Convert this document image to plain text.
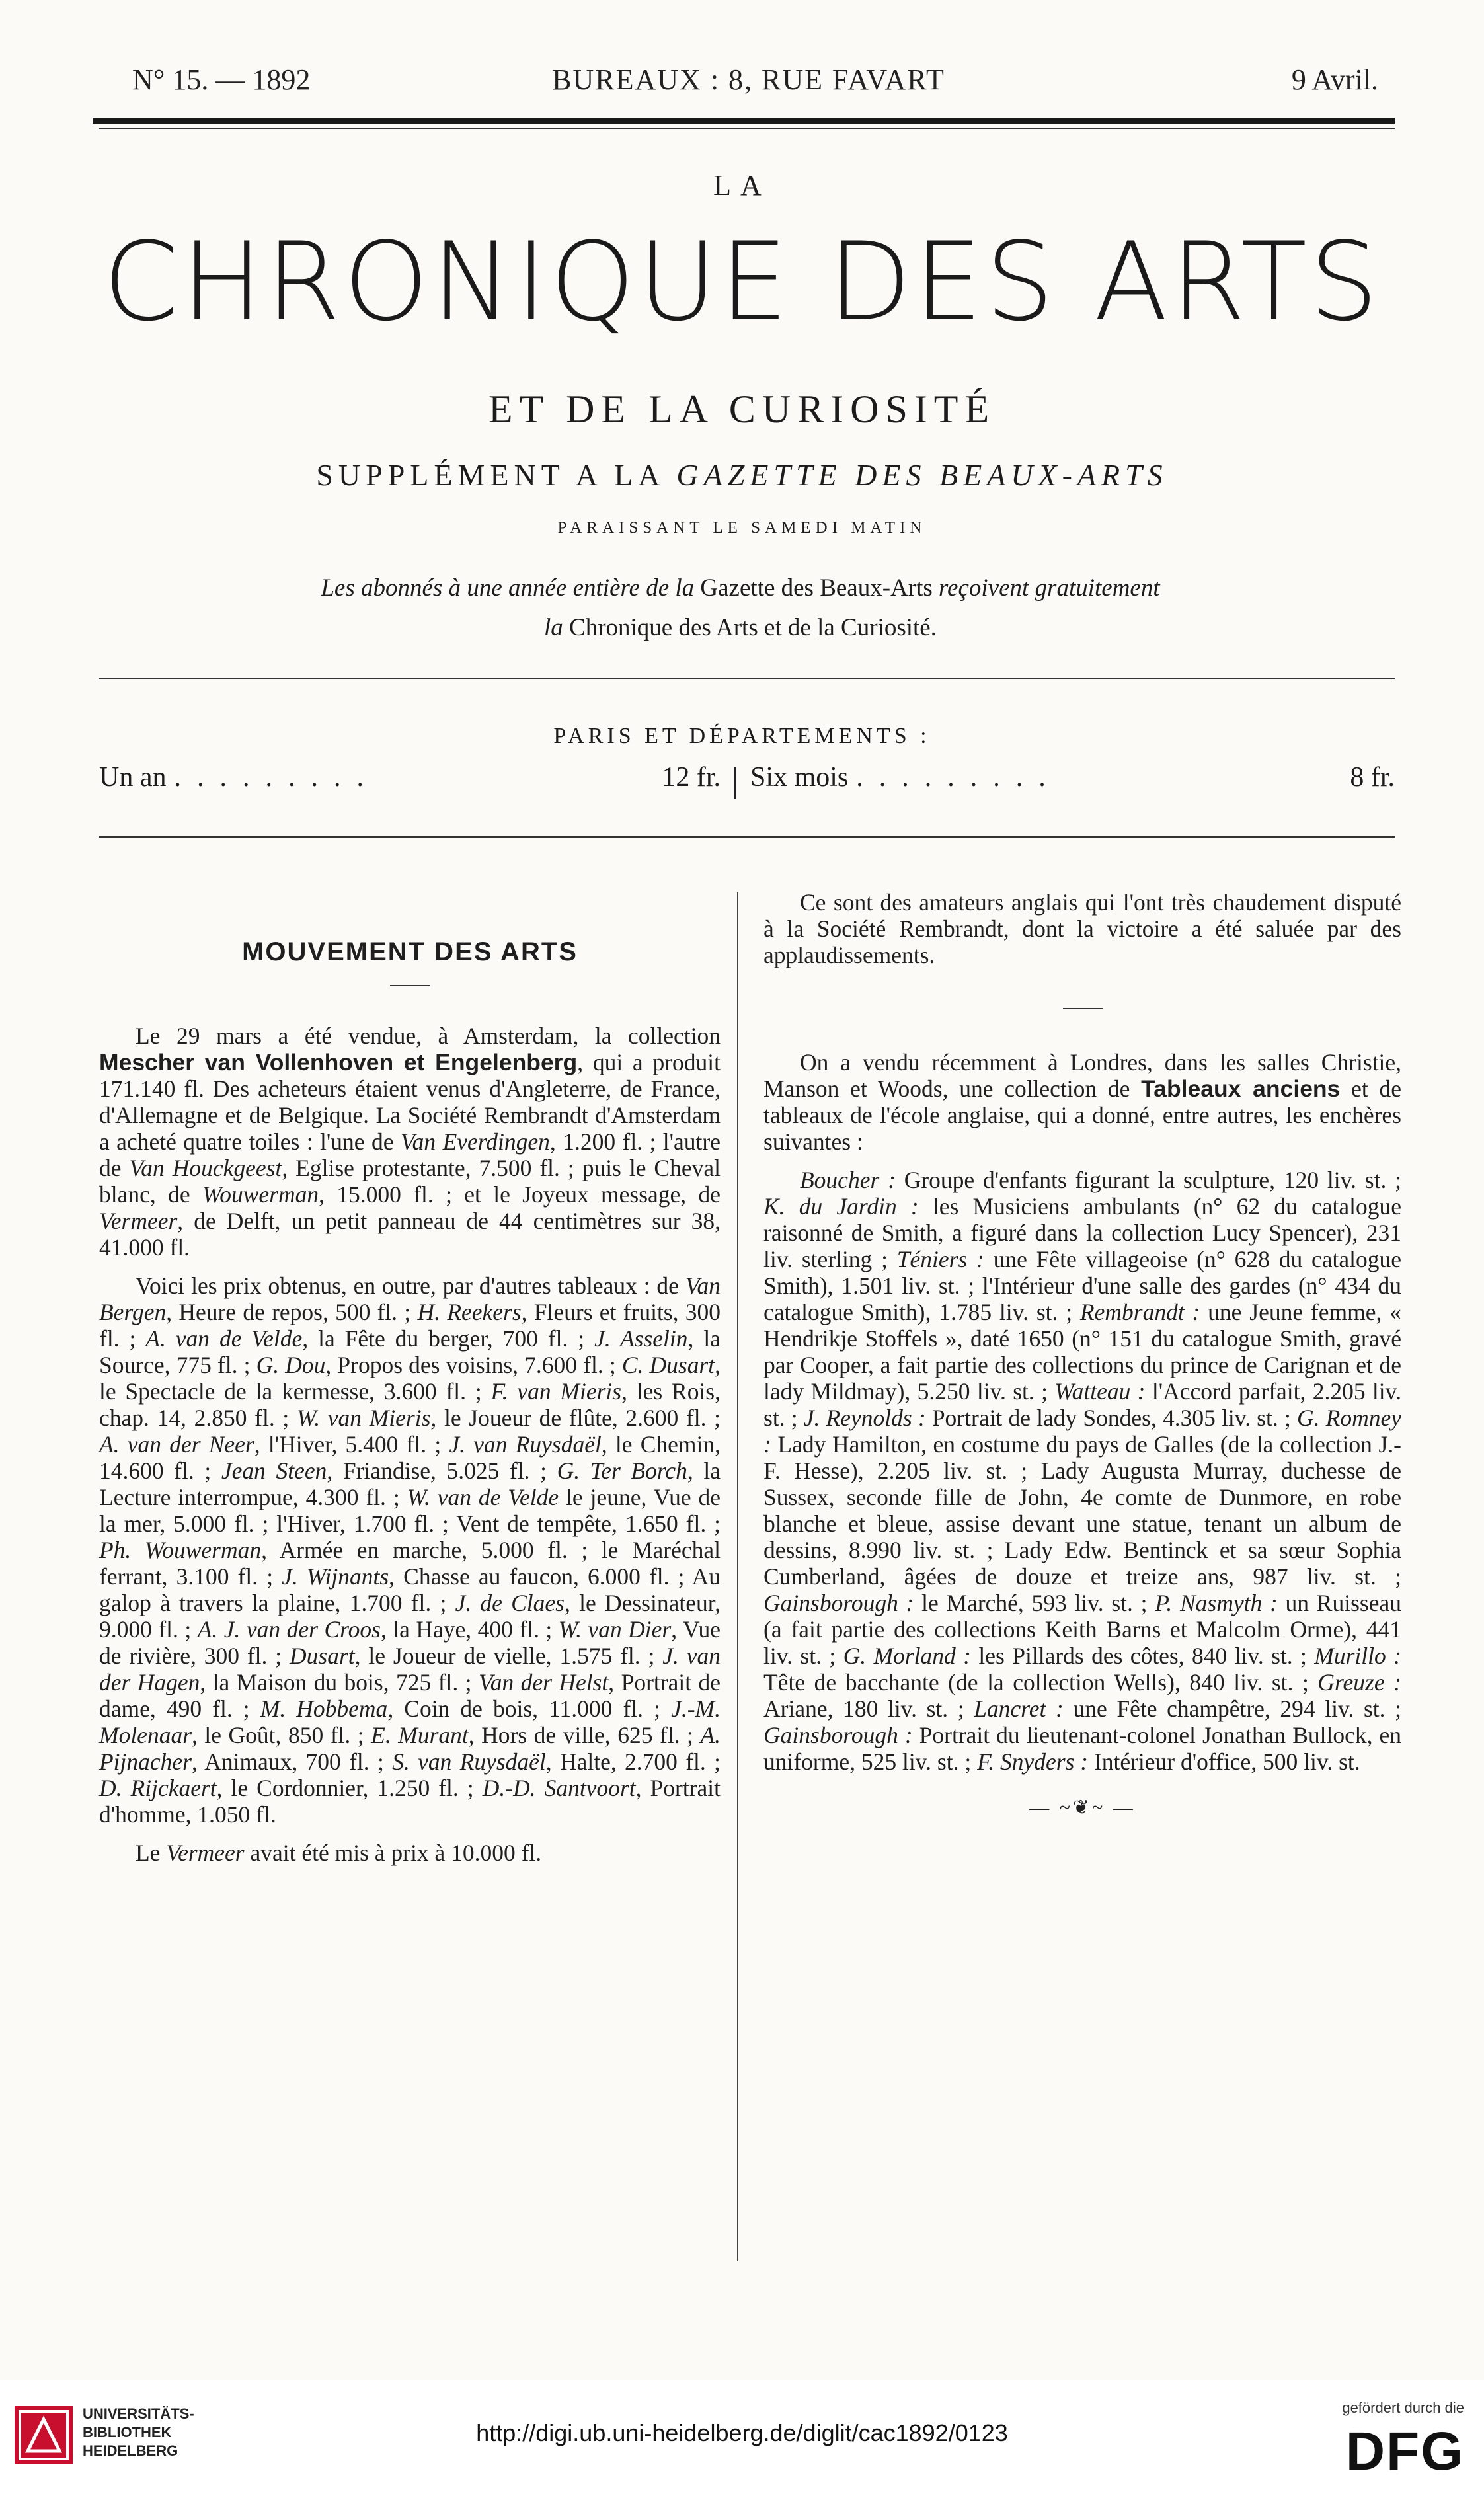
N° 15. — 1892	BUREAUX : 8, RUE FAVART	9 Avril.
LA
CHRONIQUE DES ARTS
ET DE LA CURIOSITÉ
SUPPLÉMENT A LA GAZETTE DES BEAUX-ARTS
PARAISSANT LE SAMEDI MATIN
Les abonnés à une année entière de la Gazette des Beaux-Arts reçoivent gratuitement
la Chronique des Arts et de la Curiosité.
PARIS ET DÉPARTEMENTS :
Un an .........	12 fr. Six mois .........	8 fr.
MOUVEMENT DES ARTS

Le 29 mars a été vendue, à Amsterdam, la collection Mescher van Vollenhoven et Engelenberg, qui a produit 171.140 fl. Des acheteurs étaient venus d'Angleterre, de France, d'Allemagne et de Belgique. La Société Rembrandt d'Amsterdam a acheté quatre toiles : l'une de Van Everdingen, 1.200 fl. ; l'autre de Van Houckgeest, Eglise protestante, 7.500 fl. ; puis le Cheval blanc, de Wouwerman, 15.000 fl. ; et le Joyeux message, de Vermeer, de Delft, un petit panneau de 44 centimètres sur 38, 41.000 fl.

Voici les prix obtenus, en outre, par d'autres tableaux : de Van Bergen, Heure de repos, 500 fl. ; H. Reekers, Fleurs et fruits, 300 fl. ; A. van de Velde, la Fête du berger, 700 fl. ; J. Asselin, la Source, 775 fl. ; G. Dou, Propos des voisins, 7.600 fl. ; C. Dusart, le Spectacle de la kermesse, 3.600 fl. ; F. van Mieris, les Rois, chap. 14, 2.850 fl. ; W. van Mieris, le Joueur de flûte, 2.600 fl. ; A. van der Neer, l'Hiver, 5.400 fl. ; J. van Ruysdaël, le Chemin, 14.600 fl. ; Jean Steen, Friandise, 5.025 fl. ; G. Ter Borch, la Lecture interrompue, 4.300 fl. ; W. van de Velde le jeune, Vue de la mer, 5.000 fl. ; l'Hiver, 1.700 fl. ; Vent de tempête, 1.650 fl. ; Ph. Wouwerman, Armée en marche, 5.000 fl. ; le Maréchal ferrant, 3.100 fl. ; J. Wijnants, Chasse au faucon, 6.000 fl. ; Au galop à travers la plaine, 1.700 fl. ; J. de Claes, le Dessinateur, 9.000 fl. ; A. J. van der Croos, la Haye, 400 fl. ; W. van Dier, Vue de rivière, 300 fl. ; Dusart, le Joueur de vielle, 1.575 fl. ; J. van der Hagen, la Maison du bois, 725 fl. ; Van der Helst, Portrait de dame, 490 fl. ; M. Hobbema, Coin de bois, 11.000 fl. ; J.-M. Molenaar, le Goût, 850 fl. ; E. Murant, Hors de ville, 625 fl. ; A. Pijnacher, Animaux, 700 fl. ; S. van Ruysdaël, Halte, 2.700 fl. ; D. Rijckaert, le Cordonnier, 1.250 fl. ; D.-D. Santvoort, Portrait d'homme, 1.050 fl.

Le Vermeer avait été mis à prix à 10.000 fl.

Ce sont des amateurs anglais qui l'ont très chaudement disputé à la Société Rembrandt, dont la victoire a été saluée par des applaudissements.

On a vendu récemment à Londres, dans les salles Christie, Manson et Woods, une collection de Tableaux anciens et de tableaux de l'école anglaise, qui a donné, entre autres, les enchères suivantes :

Boucher : Groupe d'enfants figurant la sculpture, 120 liv. st. ; K. du Jardin : les Musiciens ambulants (n° 62 du catalogue raisonné de Smith, a figuré dans la collection Lucy Spencer), 231 liv. sterling ; Téniers : une Fête villageoise (n° 628 du catalogue Smith), 1.501 liv. st. ; l'Intérieur d'une salle des gardes (n° 434 du catalogue Smith), 1.785 liv. st. ; Rembrandt : une Jeune femme, « Hendrikje Stoffels », daté 1650 (n° 151 du catalogue Smith, gravé par Cooper, a fait partie des collections du prince de Carignan et de lady Mildmay), 5.250 liv. st. ; Watteau : l'Accord parfait, 2.205 liv. st. ; J. Reynolds : Portrait de lady Sondes, 4.305 liv. st. ; G. Romney : Lady Hamilton, en costume du pays de Galles (de la collection J.-F. Hesse), 2.205 liv. st. ; Lady Augusta Murray, duchesse de Sussex, seconde fille de John, 4e comte de Dunmore, en robe blanche et bleue, assise devant une statue, tenant un album de dessins, 8.990 liv. st. ; Lady Edw. Bentinck et sa sœur Sophia Cumberland, âgées de douze et treize ans, 987 liv. st. ; Gainsborough : le Marché, 593 liv. st. ; P. Nasmyth : un Ruisseau (a fait partie des collections Keith Barns et Malcolm Orme), 441 liv. st. ; G. Morland : les Pillards des côtes, 840 liv. st. ; Murillo : Tête de bacchante (de la collection Wells), 840 liv. st. ; Greuze : Ariane, 180 liv. st. ; Lancret : une Fête champêtre, 294 liv. st. ; Gainsborough : Portrait du lieutenant-colonel Jonathan Bullock, en uniforme, 525 liv. st. ; F. Snyders : Intérieur d'office, 500 liv. st.

— ~❦~ —
UNIVERSITÄTS-
BIBLIOTHEK
HEIDELBERG
http://digi.ub.uni-heidelberg.de/diglit/cac1892/0123
gefördert durch die
DFG
